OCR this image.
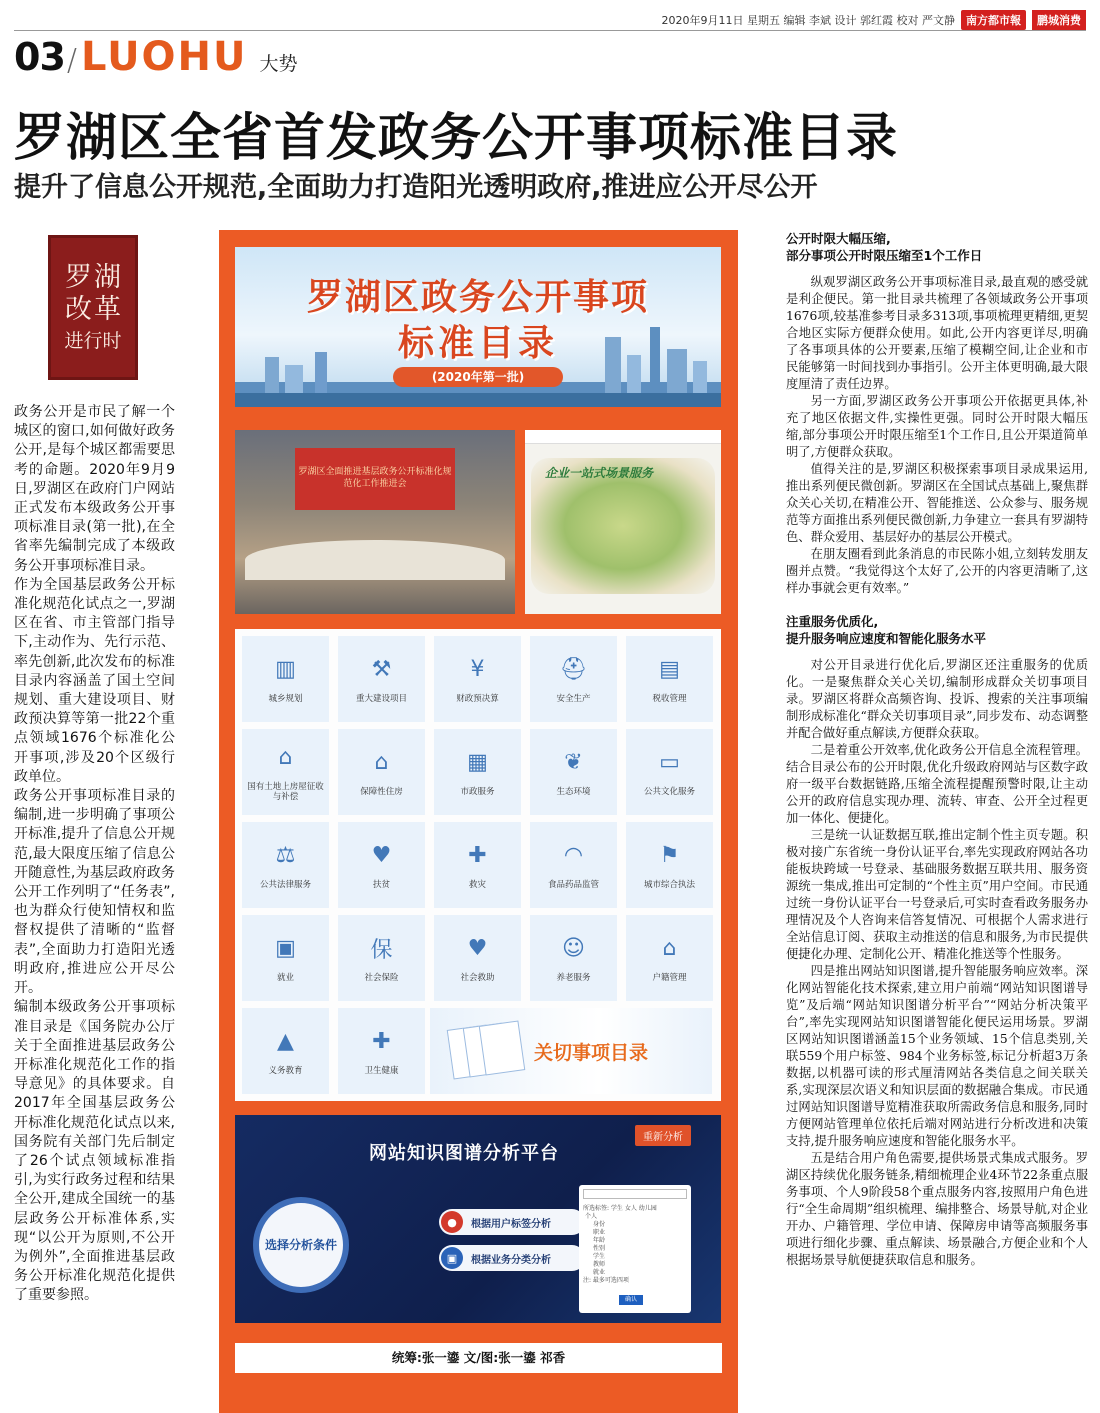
2020年9月11日 星期五 编辑 李斌 设计 郭红霞 校对 严文静	南方都市報	鹏城消费
03 / LUOHU 大势
罗湖区全省首发政务公开事项标准目录
提升了信息公开规范,全面助力打造阳光透明政府,推进应公开尽公开
罗 湖
改 革
进行时

政务公开是市民了解一个城区的窗口,如何做好政务公开,是每个城区都需要思考的命题。2020年9月9日,罗湖区在政府门户网站正式发布本级政务公开事项标准目录(第一批),在全省率先编制完成了本级政务公开事项标准目录。

作为全国基层政务公开标准化规范化试点之一,罗湖区在省、市主管部门指导下,主动作为、先行示范、率先创新,此次发布的标准目录内容涵盖了国土空间规划、重大建设项目、财政预决算等第一批22个重点领域1676个标准化公开事项,涉及20个区级行政单位。

政务公开事项标准目录的编制,进一步明确了事项公开标准,提升了信息公开规范,最大限度压缩了信息公开随意性,为基层政府政务公开工作列明了“任务表”,也为群众行使知情权和监督权提供了清晰的“监督表”,全面助力打造阳光透明政府,推进应公开尽公开。

编制本级政务公开事项标准目录是《国务院办公厅关于全面推进基层政务公开标准化规范化工作的指导意见》的具体要求。自2017年全国基层政务公开标准化规范化试点以来,国务院有关部门先后制定了26个试点领域标准指引,为实行政务过程和结果全公开,建成全国统一的基层政务公开标准体系,实现“以公开为原则,不公开为例外”,全面推进基层政务公开标准化规范化提供了重要参照。

罗湖区政务公开事项
标准目录
(2020年第一批)
罗湖区全面推进基层政务公开标准化规范化工作推进会
企业一站式场景服务
▥
城乡规划
⚒
重大建设项目
¥
财政预决算
⛑
安全生产
▤
税收管理
⌂
国有土地上房屋征收与补偿
⌂
保障性住房
▦
市政服务
❦
生态环境
▭
公共文化服务
⚖
公共法律服务
♥
扶贫
✚
救灾
◠
食品药品监管
⚑
城市综合执法
▣
就业
保
社会保险
♥
社会救助
☺
养老服务
⌂
户籍管理
▲
义务教育
✚
卫生健康
关切事项目录
网站知识图谱分析平台
重新分析
选择分析条件
●	根据用户标签分析
▣	根据业务分类分析
所选标签: 学生 女人 幼儿园
个人
身份
职业
年龄
性别
学生
教师
就业
注: 最多可选四项
确认
统筹:张一鎏 文/图:张一鎏 祁香
公开时限大幅压缩,
部分事项公开时限压缩至1个工作日

纵观罗湖区政务公开事项标准目录,最直观的感受就是利企便民。第一批目录共梳理了各领域政务公开事项1676项,较基准参考目录多313项,事项梳理更精细,更契合地区实际方便群众使用。如此,公开内容更详尽,明确了各事项具体的公开要素,压缩了模糊空间,让企业和市民能够第一时间找到办事指引。公开主体更明确,最大限度厘清了责任边界。

另一方面,罗湖区政务公开事项公开依据更具体,补充了地区依据文件,实操性更强。同时公开时限大幅压缩,部分事项公开时限压缩至1个工作日,且公开渠道简单明了,方便群众获取。

值得关注的是,罗湖区积极探索事项目录成果运用,推出系列便民微创新。罗湖区在全国试点基础上,聚焦群众关心关切,在精准公开、智能推送、公众参与、服务规范等方面推出系列便民微创新,力争建立一套具有罗湖特色、群众爱用、基层好办的基层公开模式。

在朋友圈看到此条消息的市民陈小姐,立刻转发朋友圈并点赞。“我觉得这个太好了,公开的内容更清晰了,这样办事就会更有效率。”

注重服务优质化,
提升服务响应速度和智能化服务水平

对公开目录进行优化后,罗湖区还注重服务的优质化。一是聚焦群众关心关切,编制形成群众关切事项目录。罗湖区将群众高频咨询、投诉、搜索的关注事项编制形成标准化“群众关切事项目录”,同步发布、动态调整并配合做好重点解读,方便群众获取。

二是着重公开效率,优化政务公开信息全流程管理。结合目录公布的公开时限,优化升级政府网站与区数字政府一级平台数据链路,压缩全流程提醒预警时限,让主动公开的政府信息实现办理、流转、审查、公开全过程更加一体化、便捷化。

三是统一认证数据互联,推出定制个性主页专题。积极对接广东省统一身份认证平台,率先实现政府网站各功能板块跨域一号登录、基础服务数据互联共用、服务资源统一集成,推出可定制的“个性主页”用户空间。市民通过统一身份认证平台一号登录后,可实时查看政务服务办理情况及个人咨询来信答复情况、可根据个人需求进行全站信息订阅、获取主动推送的信息和服务,为市民提供便捷化办理、定制化公开、精准化推送等个性服务。

四是推出网站知识图谱,提升智能服务响应效率。深化网站智能化技术探索,建立用户前端“网站知识图谱导览”及后端“网站知识图谱分析平台”“网站分析决策平台”,率先实现网站知识图谱智能化便民运用场景。罗湖区网站知识图谱涵盖15个业务领域、15个信息类别,关联559个用户标签、984个业务标签,标记分析超3万条数据,以机器可读的形式厘清网站各类信息之间关联关系,实现深层次语义和知识层面的数据融合集成。市民通过网站知识图谱导览精准获取所需政务信息和服务,同时方便网站管理单位依托后端对网站进行分析改进和决策支持,提升服务响应速度和智能化服务水平。

五是结合用户角色需要,提供场景式集成式服务。罗湖区持续优化服务链条,精细梳理企业4环节22条重点服务事项、个人9阶段58个重点服务内容,按照用户角色进行“全生命周期”组织梳理、编排整合、场景导航,对企业开办、户籍管理、学位申请、保障房申请等高频服务事项进行细化步骤、重点解读、场景融合,方便企业和个人根据场景导航便捷获取信息和服务。
